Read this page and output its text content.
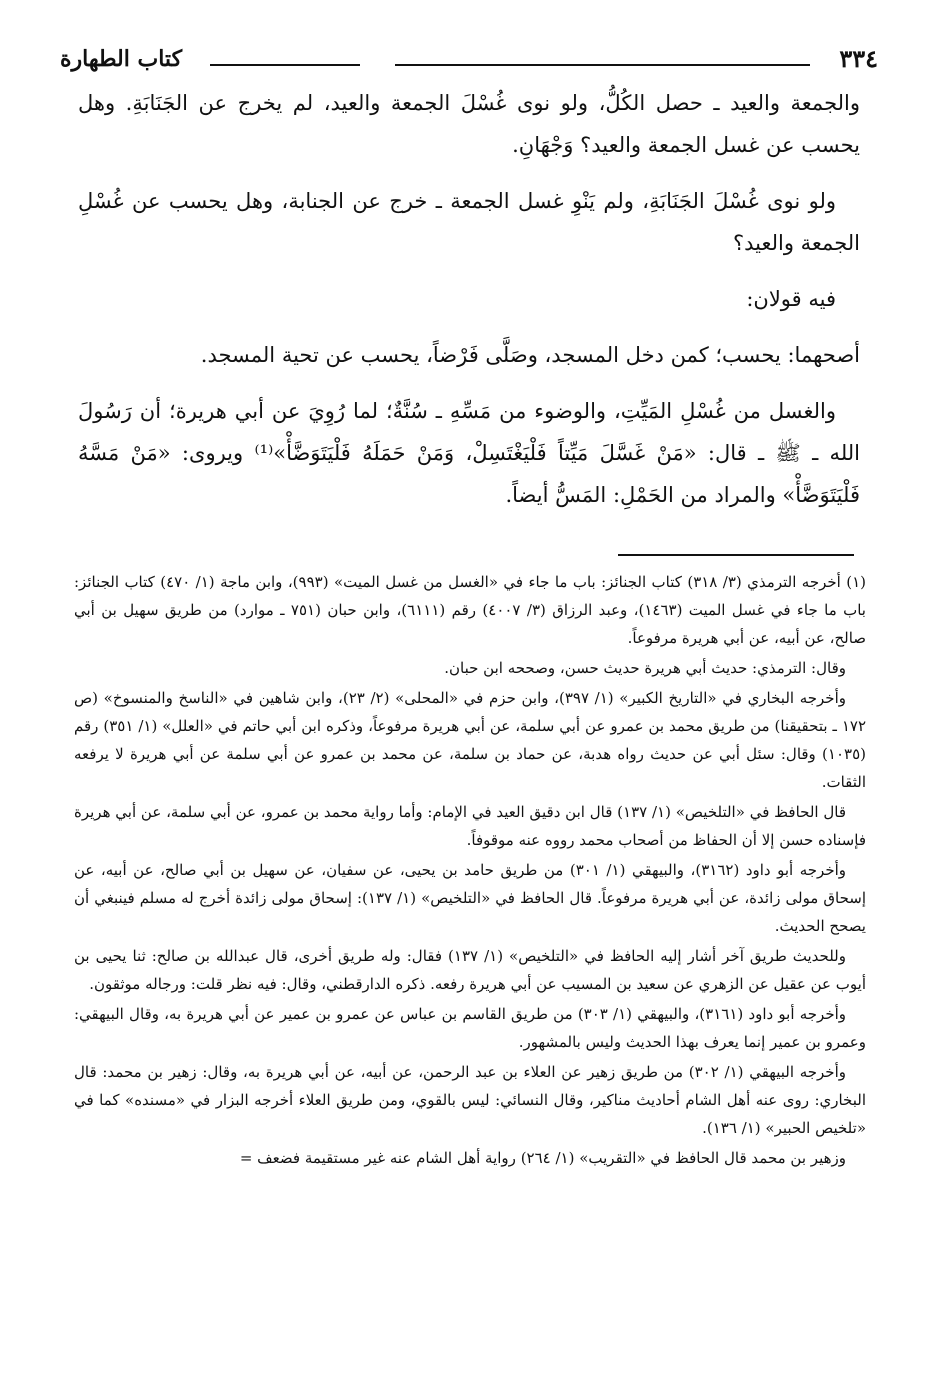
٣٣٤
كتاب الطهارة

والجمعة والعيد ـ حصل الكُلُّ، ولو نوى غُسْلَ الجمعة والعيد، لم يخرج عن الجَنَابَةِ. وهل يحسب عن غسل الجمعة والعيد؟ وَجْهَانِ.

ولو نوى غُسْلَ الجَنَابَةِ، ولم يَنْوِ غسل الجمعة ـ خرج عن الجنابة، وهل يحسب عن غُسْلِ الجمعة والعيد؟

فيه قولان:

أصحهما: يحسب؛ كمن دخل المسجد، وصَلَّى فَرْضاً، يحسب عن تحية المسجد.

والغسل من غُسْلِ المَيِّتِ، والوضوء من مَسِّهِ ـ سُنَّةٌ؛ لما رُوِيَ عن أبي هريرة؛ أن رَسُولَ الله ـ ﷺ ـ قال: «مَنْ غَسَّلَ مَيِّتاً فَلْيَغْتَسِلْ، وَمَنْ حَمَلَهُ فَلْيَتَوَضَّأْ»⁽¹⁾ ويروى: «مَنْ مَسَّهُ فَلْيَتَوَضَّأْ» والمراد من الحَمْلِ: المَسُّ أيضاً.

(١) أخرجه الترمذي (٣/ ٣١٨) كتاب الجنائز: باب ما جاء في «الغسل من غسل الميت» (٩٩٣)، وابن ماجة (١/ ٤٧٠) كتاب الجنائز: باب ما جاء في غسل الميت (١٤٦٣)، وعبد الرزاق (٣/ ٤٠٠٧) رقم (٦١١١)، وابن حبان (٧٥١ ـ موارد) من طريق سهيل بن أبي صالح، عن أبيه، عن أبي هريرة مرفوعاً.

وقال: الترمذي: حديث أبي هريرة حديث حسن، وصححه ابن حبان.

وأخرجه البخاري في «التاريخ الكبير» (١/ ٣٩٧)، وابن حزم في «المحلى» (٢/ ٢٣)، وابن شاهين في «الناسخ والمنسوخ» (ص ١٧٢ ـ بتحقيقنا) من طريق محمد بن عمرو عن أبي سلمة، عن أبي هريرة مرفوعاً، وذكره ابن أبي حاتم في «العلل» (١/ ٣٥١) رقم (١٠٣٥) وقال: سئل أبي عن حديث رواه هدبة، عن حماد بن سلمة، عن محمد بن عمرو عن أبي سلمة عن أبي هريرة لا يرفعه الثقات.

قال الحافظ في «التلخيص» (١/ ١٣٧) قال ابن دقيق العيد في الإمام: وأما رواية محمد بن عمرو، عن أبي سلمة، عن أبي هريرة فإسناده حسن إلا أن الحفاظ من أصحاب محمد رووه عنه موقوفاً.

وأخرجه أبو داود (٣١٦٢)، والبيهقي (١/ ٣٠١) من طريق حامد بن يحيى، عن سفيان، عن سهيل بن أبي صالح، عن أبيه، عن إسحاق مولى زائدة، عن أبي هريرة مرفوعاً. قال الحافظ في «التلخيص» (١/ ١٣٧): إسحاق مولى زائدة أخرج له مسلم فينبغي أن يصحح الحديث.

وللحديث طريق آخر أشار إليه الحافظ في «التلخيص» (١/ ١٣٧) فقال: وله طريق أخرى، قال عبدالله بن صالح: ثنا يحيى بن أيوب عن عقيل عن الزهري عن سعيد بن المسيب عن أبي هريرة رفعه. ذكره الدارقطني، وقال: فيه نظر قلت: ورجاله موثقون.

وأخرجه أبو داود (٣١٦١)، والبيهقي (١/ ٣٠٣) من طريق القاسم بن عباس عن عمرو بن عمير عن أبي هريرة به، وقال البيهقي: وعمرو بن عمير إنما يعرف بهذا الحديث وليس بالمشهور.

وأخرجه البيهقي (١/ ٣٠٢) من طريق زهير عن العلاء بن عبد الرحمن، عن أبيه، عن أبي هريرة به، وقال: زهير بن محمد: قال البخاري: روى عنه أهل الشام أحاديث مناكير، وقال النسائي: ليس بالقوي، ومن طريق العلاء أخرجه البزار في «مسنده» كما في «تلخيص الحبير» (١/ ١٣٦).

وزهير بن محمد قال الحافظ في «التقريب» (١/ ٢٦٤) رواية أهل الشام عنه غير مستقيمة فضعف =
